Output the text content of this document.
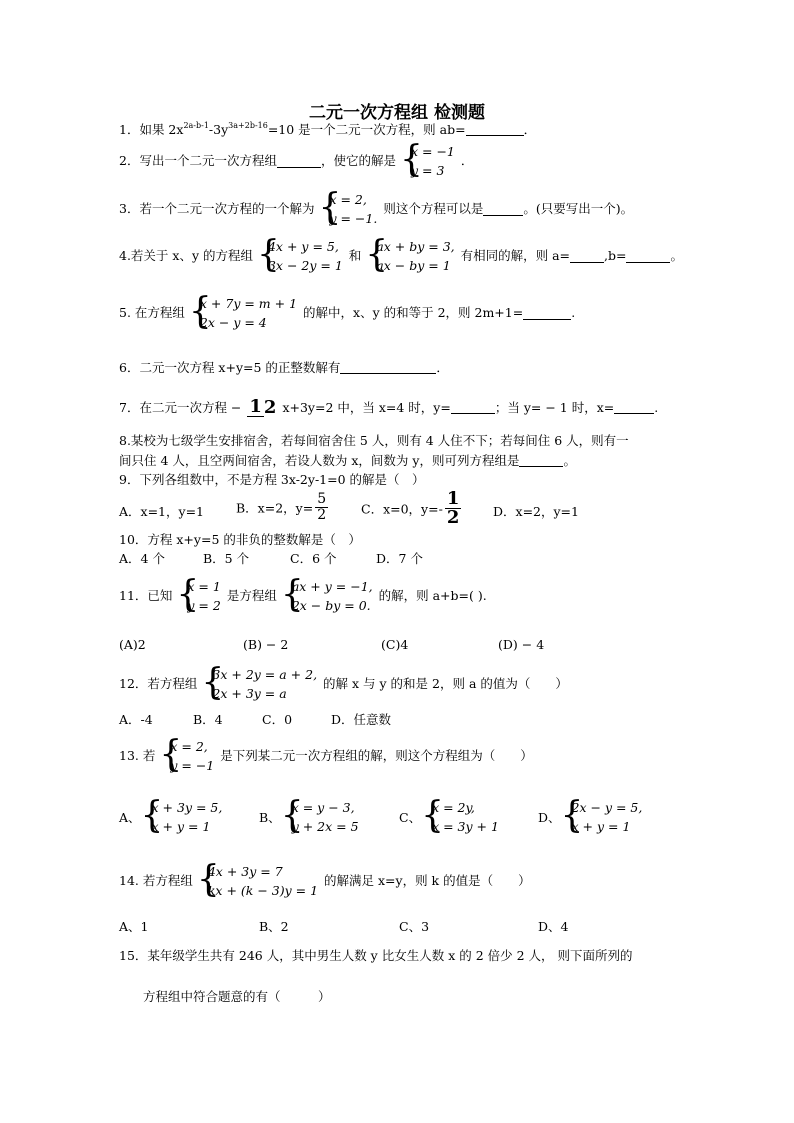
二元一次方程组 检测题
1．如果 $2x^{2a-b-1}-3y^{3a+2b-16}=10$ 是一个二元一次方程，则 ab=	．
2．写出一个二元一次方程组	，使它的解是
{ x = −1
y = 3
．
3．若一个二元一次方程的一个解为
{ x = 2,
y = −1.
则这个方程可以是	。(只要写出一个)。
4.若关于 x、y 的方程组
{ 4x + y = 5,
3x − 2y = 1
和
{ ax + by = 3,
ax − by = 1
有相同的解，则 a=	,b=	。
5. 在方程组
{ x + 7y = m + 1
2x − y = 4
的解中，x、y 的和等于 2，则 2m+1=	.
6．二元一次方程 x+y=5 的正整数解有	．
7．在二元一次方程 − 1 2 x+3y=2 中，当 x=4 时，y=	；当 y= − 1 时，x=	.
8.某校为七级学生安排宿舍，若每间宿舍住 5 人，则有 4 人住不下；若每间住 6 人，则有一
间只住 4 人，且空两间宿舍，若设人数为 x，间数为 y，则可列方程组是	。
9．下列各组数中，不是方程 3x-2y-1=0 的解是（　）
A．x=1，y=1	B．x=2，$y= \frac{5}{2}$	C．x=0，$y=- \frac{1}{2}$	D．x=2，y=1
10．方程 x+y=5 的非负的整数解是（　）
A．4 个	B．5 个	C．6 个	D．7 个
11．已知
{ x = 1
y = 2
是方程组
{ ax + y = −1,
2x − by = 0.
的解，则 a+b=( ).
(A)2	(B) − 2	(C)4	(D) − 4
12．若方程组
{ 3x + 2y = a + 2,
2x + 3y = a
的解 x 与 y 的和是 2，则 a 的值为（　　）
A．-4	B．4	C．0	D．任意数
13. 若
{ x = 2,
y = −1
是下列某二元一次方程组的解，则这个方程组为（　　）
A、
{ x + 3y = 5,
x + y = 1
B、
{ x = y − 3,
y + 2x = 5
C、
{ x = 2y,
x = 3y + 1
D、
{ 2x − y = 5,
x + y = 1
14. 若方程组
{ 4x + 3y = 7
kx + (k − 3)y = 1
的解满足 x=y，则 k 的值是（　　）
A、1	B、2	C、3	D、4
15．某年级学生共有 246 人，其中男生人数 y 比女生人数 x 的 2 倍少 2 人， 则下面所列的
方程组中符合题意的有（　　　）
